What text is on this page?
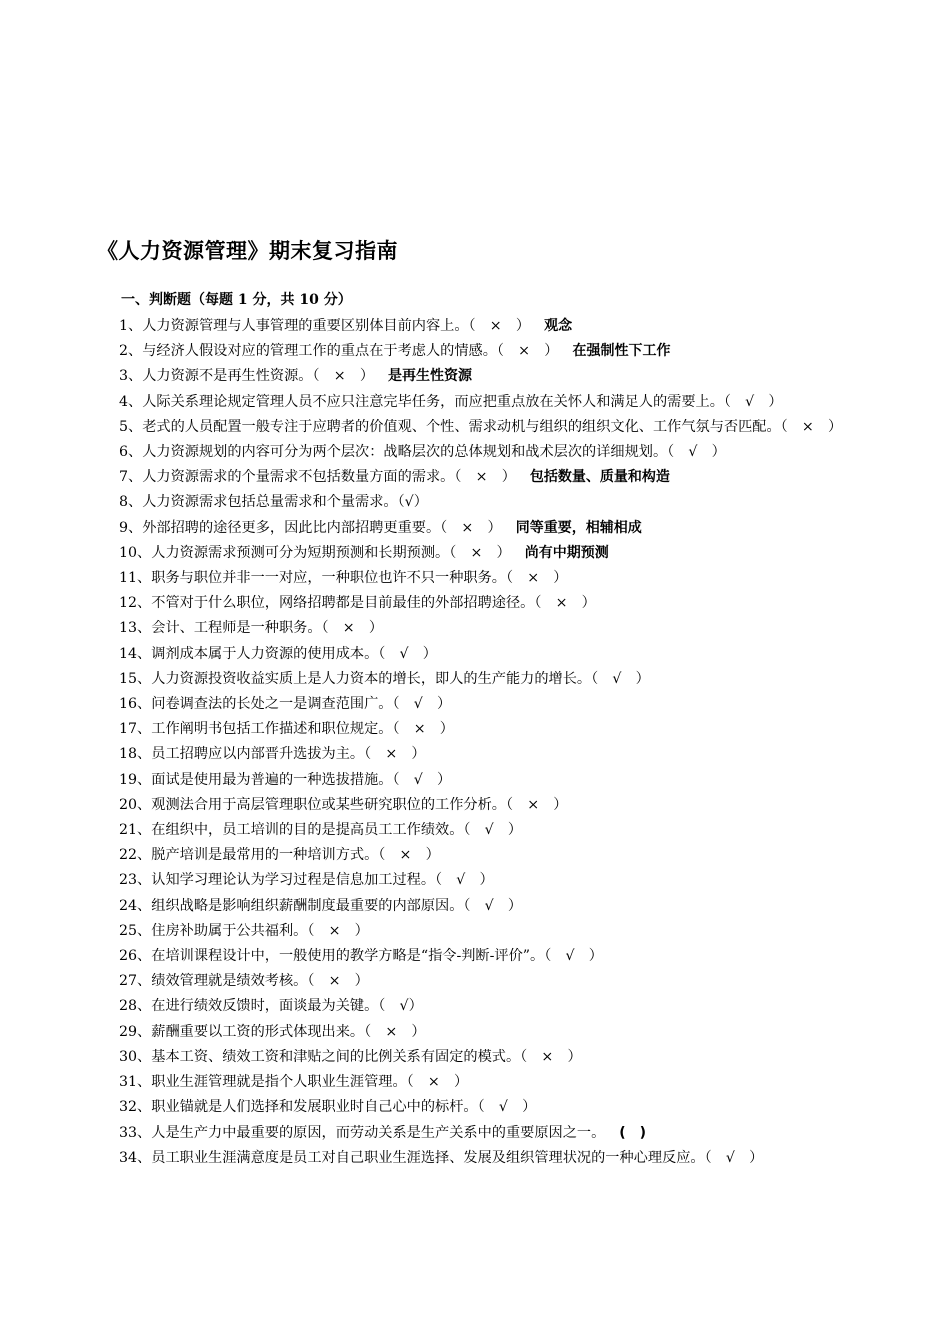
《人力资源管理》期末复习指南
一、判断题（每题 1 分，共 10 分）
1、人力资源管理与人事管理的重要区别体目前内容上。（　×　） 观念
2、与经济人假设对应的管理工作的重点在于考虑人的情感。（　×　） 在强制性下工作
3、人力资源不是再生性资源。（　×　） 是再生性资源
4、人际关系理论规定管理人员不应只注意完毕任务，而应把重点放在关怀人和满足人的需要上。（　√　）
5、老式的人员配置一般专注于应聘者的价值观、个性、需求动机与组织的组织文化、工作气氛与否匹配。（　×　）
6、人力资源规划的内容可分为两个层次：战略层次的总体规划和战术层次的详细规划。（　√　）
7、人力资源需求的个量需求不包括数量方面的需求。（　×　） 包括数量、质量和构造
8、人力资源需求包括总量需求和个量需求。（√）
9、外部招聘的途径更多，因此比内部招聘更重要。（　×　） 同等重要，相辅相成
10、人力资源需求预测可分为短期预测和长期预测。（　×　） 尚有中期预测
11、职务与职位并非一一对应，一种职位也许不只一种职务。（　×　）
12、不管对于什么职位，网络招聘都是目前最佳的外部招聘途径。（　×　）
13、会计、工程师是一种职务。（　×　）
14、调剂成本属于人力资源的使用成本。（　√　）
15、人力资源投资收益实质上是人力资本的增长，即人的生产能力的增长。（　√　）
16、问卷调查法的长处之一是调查范围广。（　√　）
17、工作阐明书包括工作描述和职位规定。（　×　）
18、员工招聘应以内部晋升选拔为主。（　×　）
19、面试是使用最为普遍的一种选拔措施。（　√　）
20、观测法合用于高层管理职位或某些研究职位的工作分析。（　×　）
21、在组织中，员工培训的目的是提高员工工作绩效。（　√　）
22、脱产培训是最常用的一种培训方式。（　×　）
23、认知学习理论认为学习过程是信息加工过程。（　√　）
24、组织战略是影响组织薪酬制度最重要的内部原因。（　√　）
25、住房补助属于公共福利。（　×　）
26、在培训课程设计中，一般使用的教学方略是“指令-判断-评价”。（　√　）
27、绩效管理就是绩效考核。（　×　）
28、在进行绩效反馈时，面谈最为关键。（　√）
29、薪酬重要以工资的形式体现出来。（　×　）
30、基本工资、绩效工资和津贴之间的比例关系有固定的模式。（　×　）
31、职业生涯管理就是指个人职业生涯管理。（　×　）
32、职业锚就是人们选择和发展职业时自己心中的标杆。（　√　）
33、人是生产力中最重要的原因，而劳动关系是生产关系中的重要原因之一。 (　)
34、员工职业生涯满意度是员工对自己职业生涯选择、发展及组织管理状况的一种心理反应。（　√　）
